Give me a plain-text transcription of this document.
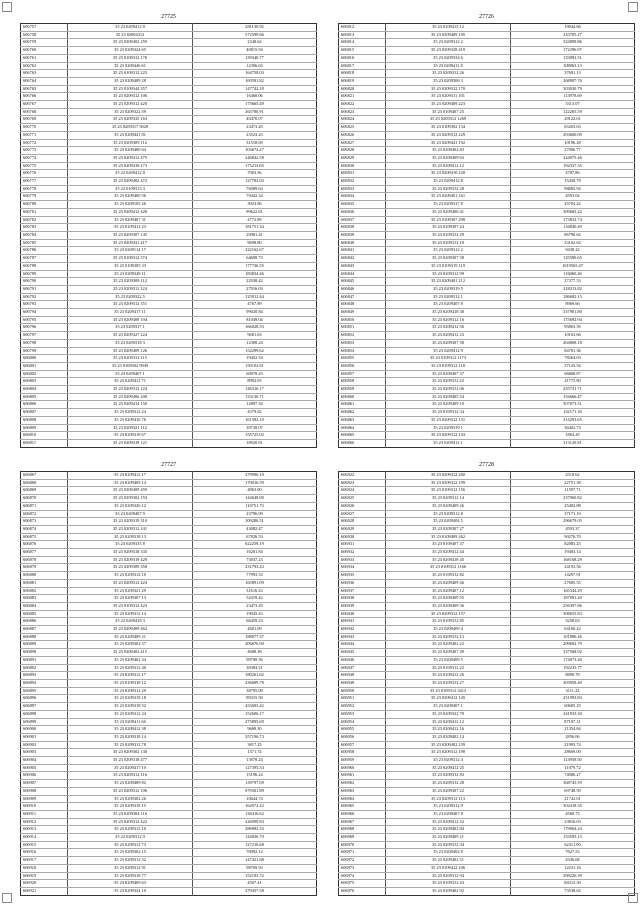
27725
606757	35 23 0209412 8	281130.92
606758	35 23 02094312	572599.66
606759	35 23 0209402 259	2348.62
606760	35 23 0209324 65	40815.94
606761	35 23 0109312 170	139340.77
606762	35 23 0209446 61	12396.63
606763	35 23 0109312 223	164758.03
606764	35 23 0209409 28	169591.82
606765	35 23 0109344 357	147742.18
606766	35 23 0209312 106	16460.06
606767	35 23 0209312 420	175665.49
606768	35 23 0209322 59	265780.91
606769	35 23 0209335 163	40470.07
606770	35 23 0209317 5020	23473.20
606771	35 23 0209441 81	23523.25
606772	35 23 0209309 112	31518.69
606773	35 23 0209400 64	103672.27
606774	35 23 0209412 475	246842.58
606775	35 23 0209416 173	175213.65
606776	35 23 0209412 8	7003.56
606777	35 23 0209402 472	127782.03
606778	35 23 0109313 3	76089.63
606779	35 23 0209400 56	79442.34
606780	35 23 0209105 26	3923.86
606781	35 23 0209412 420	89622.81
606782	35 23 0209407 31	4772.89
606783	35 23 0109412 23	181751.34
606784	35 23 0209307 145	20081.41
606785	35 23 0209431 417	9698.80
606786	35 23 0209114 17	222162.67
606787	35 23 0109312 374	64698.73
606788	35 23 0109305 33	177736.55
606789	35 23 0209328 11	183834.46
606790	35 23 0209308 112	22938.42
606791	35 23 0209311 124	27916.03
606792	35 23 0209322 5	125912.44
606793	35 23 0209312 351	4767.89
606794	35 23 0209417 11	99020.84
606795	35 23 0209308 104	81049.04
606796	35 23 0209317 1	166028.53
606797	35 23 0209327 224	9681.63
606798	35 23 0209318 3	12308.24
606799	35 23 0209409 126	152299.62
606800	35 23 0209312 115	19452.54
606801	35 23 0109302 9949	150102.81
606802	35 23 0209407 1	60978.25
606803	35 23 0209412 71	8992.05
606804	35 23 0209312 124	146316.17
606805	35 23 0209406 208	133136.71
606806	35 23 0209414 150	12897.34
606807	35 23 0209312 24	4379.02
606808	35 23 0209416 76	161392.10
606809	35 23 0209321 112	39738.07
606810	35 23 0209318 67	155725.02
606811	35 23 0209418 121	18920.81
27726
606812	35 23 0209415 12	19044.66
606813	35 23 0209409 105	233705.27
606814	35 23 0209312 2	524898.86
606815	35 23 0209328 410	172296.97
606816	35 23 0209334 6	133092.51
606817	35 23 0209411 8	108063.13
606818	35 23 0209312 26	37691.13
606819	35 23 0209306 3	268907.76
606820	35 23 0209312 170	303030.79
606821	35 23 0209311 101	113978.69
606822	35 23 0209409 223	5313.07
606823	35 23 0109407 25	122265.59
606824	35 23 0209312 1269	29122.01
606825	35 23 0109302 134	65203.63
606826	35 23 0209312 229	293600.09
606827	35 23 0209441 192	10196.28
606828	35 23 0209402 83	27006.77
606829	35 23 0209409 63	224975.46
606830	35 23 0209412 12	192337.35
606831	35 23 0209410 228	4787.86
606832	35 23 0209412 8	15458.78
606833	35 23 0209312 28	98683.94
606834	35 23 0209401 161	4593.04
606835	35 23 0209317 8	25704.42
606836	35 23 0209406 41	309683.22
606837	35 23 0109307 290	173832.74
606838	35 23 0209307 24	134840.49
606839	35 23 0209312 29	86790.62
606840	35 23 0209312 18	23162.62
606841	35 23 0209312 2	9438.22
606842	35 23 0209307 38	125590.65
606843	35 23 0109319 119	1019565.47
606844	35 23 0209312 99	116060.26
606845	35 23 0209401 212	27377.33
606846	35 23 0209319 5	218213.82
606847	35 23 0209312 1	186682.15
606848	35 23 0209407 8	8969.66
606849	35 23 0209418 38	337901.80
606850	35 23 0209312 16	175692.94
606851	35 23 0209412 56	95803.39
606852	35 23 0209412 23	10163.66
606853	35 23 0209307 58	264868.18
606854	35 23 0209412 9	84781.36
606855	35 23 0109312 1173	78264.03
606856	35 23 0109312 118	37125.54
606857	35 23 0209407 37	66868.87
606858	35 23 0209312 22	21775.80
606859	35 23 0209312 06	255731.71
606860	35 23 0209405 54	154666.47
606861	35 23 0209409 10	507073.51
606862	35 23 0109312 34	132171.30
606863	35 23 0209312 131	314293.65
606864	35 23 0209319 1	36402.73
606865	35 23 0209312 143	1864.29
606866	35 23 0209412 1	313129.81
27727
606867	35 23 0209412 17	279996.10
606868	35 23 0209409 14	170016.59
606869	35 23 0209409 459	4863.00
606870	35 23 0209302 153	144648.90
606871	35 23 0209326 12	116751.73
606872	35 23 0209407 9	23796.09
606873	35 23 0209319 310	109286.51
606874	35 23 0209312 241	43082.47
606875	35 23 0209318 13	67826.53
606876	35 23 0209335 8	622259.19
606877	35 23 0209318 335	16201.84
606878	35 23 0209319 429	73037.23
606879	35 23 0209309 358	231793.43
606880	35 23 0209312 10	77993.33
606881	35 23 0209312 423	165891.09
606882	35 23 0209321 29	31616.43
606883	35 23 0209307 13	52419.42
606884	35 23 0109312 423	23473.20
606885	35 23 0209312 14	19045.43
606886	35 23 0209418 3	66459.23
606887	35 23 0209409 462	4601.09
606888	35 23 0209409 21	188077.37
606889	35 23 0209302 57	206676.90
606890	35 23 0209402 415	4688.38
606891	35 23 0209402 34	99708.56
606892	35 23 0209312 40	30384.51
606893	35 23 0209312 17	180261.62
606894	35 23 0109318 12	236689.78
606895	35 23 0209312 20	38795.09
606896	35 23 0209319 18	89315.50
606897	35 23 0209318 52	433693.42
606898	35 23 0209312 24	152606.17
606899	35 23 0209411 66	275895.69
606900	35 23 0209412 38	9668.30
606901	35 23 0209318 14	357196.73
606902	35 23 0209312 78	3817.25
606903	35 23 0209302 130	1371.74
606904	35 23 0209318 477	13978.24
606905	35 23 0209417 10	127395.54
606906	35 23 0209312 116	15196.24
606907	35 23 0209409 82	139797.69
606908	35 23 0209312 106	979301.89
606909	35 23 0209302 26	10644.74
606910	35 23 0209318 15	162072.22
606911	35 23 0209304 116	136416.62
606912	35 23 0209312 422	226999.83
606913	35 23 0209312 10	286982.33
606914	35 23 0209312 9	144836.70
606915	35 23 0209312 73	127216.68
606916	35 23 0209302 15	70092.12
606917	35 23 0209312 52	147421.68
606918	35 23 0209312 91	98769.93
606919	35 23 0209318 77	152193.72
606920	35 23 0209409 63	4507.41
606921	35 23 0209324 10	279457.58
27728
606922	35 23 0209412 260	2518.62
606923	35 23 0209412 199	22751.38
606924	35 23 0109312 156	11597.71
606925	35 23 0209312 14	237960.82
606926	35 23 0209409 26	25402.88
606927	35 23 0209312 8	37171.10
606928	35 23 0209404 5	296679.05
606929	35 23 0209307 27	4593.37
606930	35 23 0109409 262	90276.70
606931	35 23 0109407 37	82083.25
606932	35 23 0209312 44	19403.14
606933	35 23 0209418 45	168168.29
606934	35 23 0109312 1166	24193.56
606935	35 23 0109312 82	14297.91
606936	35 23 0209409 46	27685.55
606937	35 23 0209407 12	165344.29
606938	35 23 0209409 55	187091.20
606939	35 23 0209409 36	256397.86
606940	35 23 0209312 157	308655.83
606941	35 23 0109312 85	3258.63
606942	35 23 0209409 4	64160.22
606943	35 23 0209312 13	101886.26
606944	35 23 0209402 22	209692.79
606945	35 23 0209407 49	337568.92
606946	35 23 0209409 5	174073.20
606947	35 23 0109312 22	192235.77
606948	35 23 0209412 26	8890.78
606949	35 23 0209312 27	303958.40
606950	35 23 0109312 3413	3111.22
606951	35 23 0209412 145	251993.83
606952	35 23 0209407 1	60605.25
606953	35 23 0209322 79	241933.30
606954	35 23 0209412 12	87107.31
606955	35 23 0209412 16	21354.84
606956	35 23 0209402 14	2856.06
606957	35 23 0209402 239	21993.74
606958	35 23 0209312 198	28669.00
606959	35 23 0209312 4	113958.50
606960	35 23 0209412 25	11079.72
606961	35 23 0209312 83	74086.27
606962	35 23 0209312 28	368745.59
606963	35 23 0209307 22	69748.59
606964	35 23 0209312 113	21742.01
606965	35 23 0209312 9	302418.35
606966	35 23 0209407 8	4560.73
606967	35 23 0209412 32	23816.03
606968	35 23 0209402 84	179064.24
606969	35 23 0209409 21	153593.13
606970	35 23 0209312 34	62311.00
606971	35 23 0209402 8	7627.53
606972	35 23 0209402 51	4336.68
606973	35 23 0109412 106	12231.16
606974	35 23 0209312 94	298226.39
606975	35 23 0109312 43	84312.30
606976	35 23 0209402 92	73538.62
